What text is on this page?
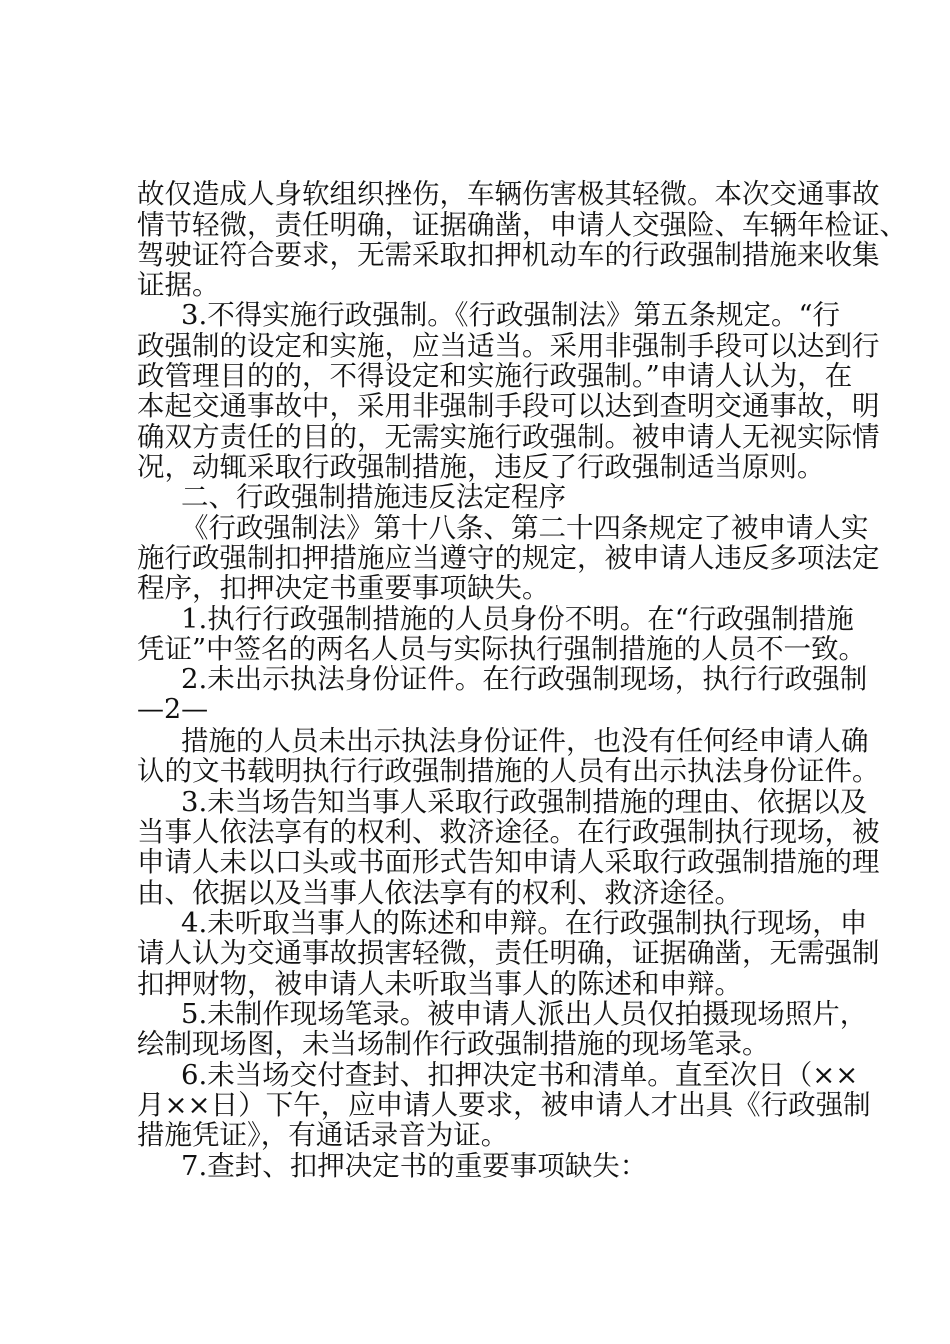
故仅造成人身软组织挫伤，车辆伤害极其轻微。本次交通事故
情节轻微，责任明确，证据确凿，申请人交强险、车辆年检证、
驾驶证符合要求，无需采取扣押机动车的行政强制措施来收集
证据。
3.不得实施行政强制。《行政强制法》第五条规定。“行
政强制的设定和实施，应当适当。采用非强制手段可以达到行
政管理目的的，不得设定和实施行政强制。”申请人认为，在
本起交通事故中，采用非强制手段可以达到查明交通事故，明
确双方责任的目的，无需实施行政强制。被申请人无视实际情
况，动辄采取行政强制措施，违反了行政强制适当原则。
二、行政强制措施违反法定程序
《行政强制法》第十八条、第二十四条规定了被申请人实
施行政强制扣押措施应当遵守的规定，被申请人违反多项法定
程序，扣押决定书重要事项缺失。
1.执行行政强制措施的人员身份不明。在“行政强制措施
凭证”中签名的两名人员与实际执行强制措施的人员不一致。
2.未出示执法身份证件。在行政强制现场，执行行政强制
—2—
措施的人员未出示执法身份证件，也没有任何经申请人确
认的文书载明执行行政强制措施的人员有出示执法身份证件。
3.未当场告知当事人采取行政强制措施的理由、依据以及
当事人依法享有的权利、救济途径。在行政强制执行现场，被
申请人未以口头或书面形式告知申请人采取行政强制措施的理
由、依据以及当事人依法享有的权利、救济途径。
4.未听取当事人的陈述和申辩。在行政强制执行现场，申
请人认为交通事故损害轻微，责任明确，证据确凿，无需强制
扣押财物，被申请人未听取当事人的陈述和申辩。
5.未制作现场笔录。被申请人派出人员仅拍摄现场照片，
绘制现场图，未当场制作行政强制措施的现场笔录。
6.未当场交付查封、扣押决定书和清单。直至次日（××
月××日）下午，应申请人要求，被申请人才出具《行政强制
措施凭证》，有通话录音为证。
7.查封、扣押决定书的重要事项缺失：
